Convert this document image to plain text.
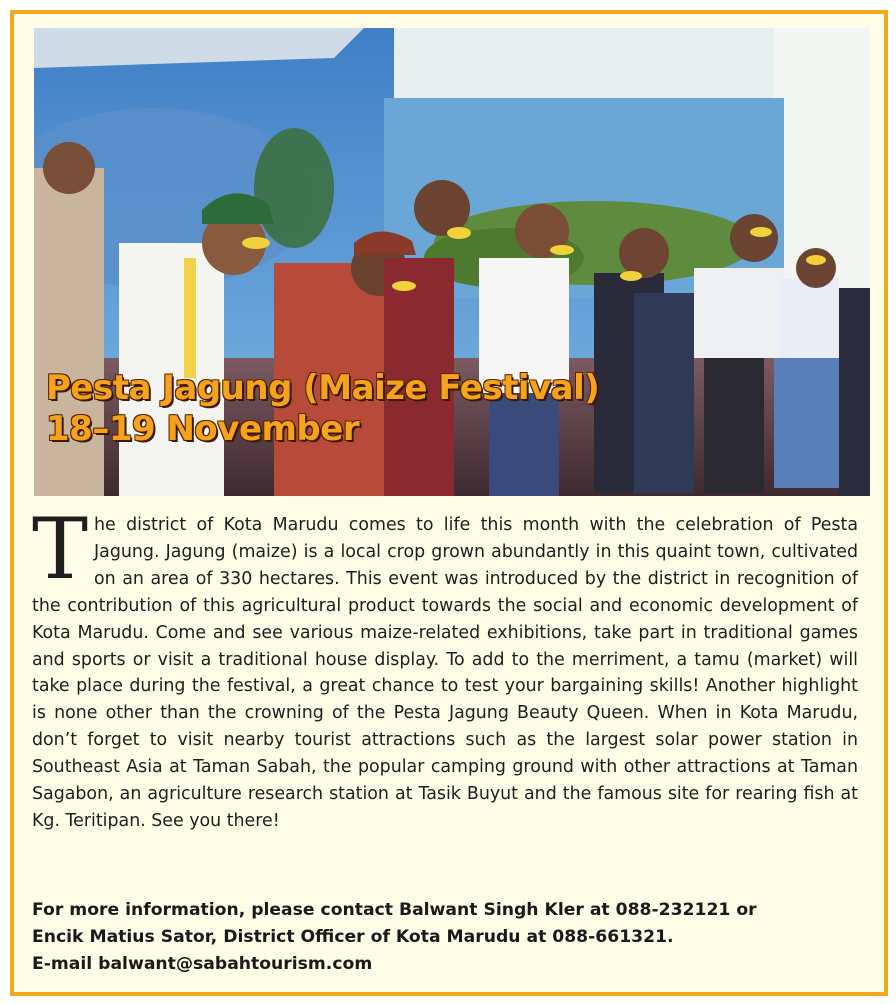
Pesta Jagung (Maize Festival)
18–19 November
The district of Kota Marudu comes to life this month with the celebration of Pesta Jagung. Jagung (maize) is a local crop grown abundantly in this quaint town, cultivated on an area of 330 hectares. This event was introduced by the district in recognition of the contribution of this agricultural product towards the social and economic development of Kota Marudu. Come and see various maize-related exhibitions, take part in traditional games and sports or visit a traditional house display. To add to the merriment, a tamu (market) will take place during the festival, a great chance to test your bargaining skills! Another highlight is none other than the crowning of the Pesta Jagung Beauty Queen. When in Kota Marudu, don’t forget to visit nearby tourist attractions such as the largest solar power station in Southeast Asia at Taman Sabah, the popular camping ground with other attractions at Taman Sagabon, an agriculture research station at Tasik Buyut and the famous site for rearing fish at Kg. Teritipan. See you there!
For more information, please contact Balwant Singh Kler at 088-232121 or
Encik Matius Sator, District Officer of Kota Marudu at 088-661321.
E-mail balwant@sabahtourism.com
